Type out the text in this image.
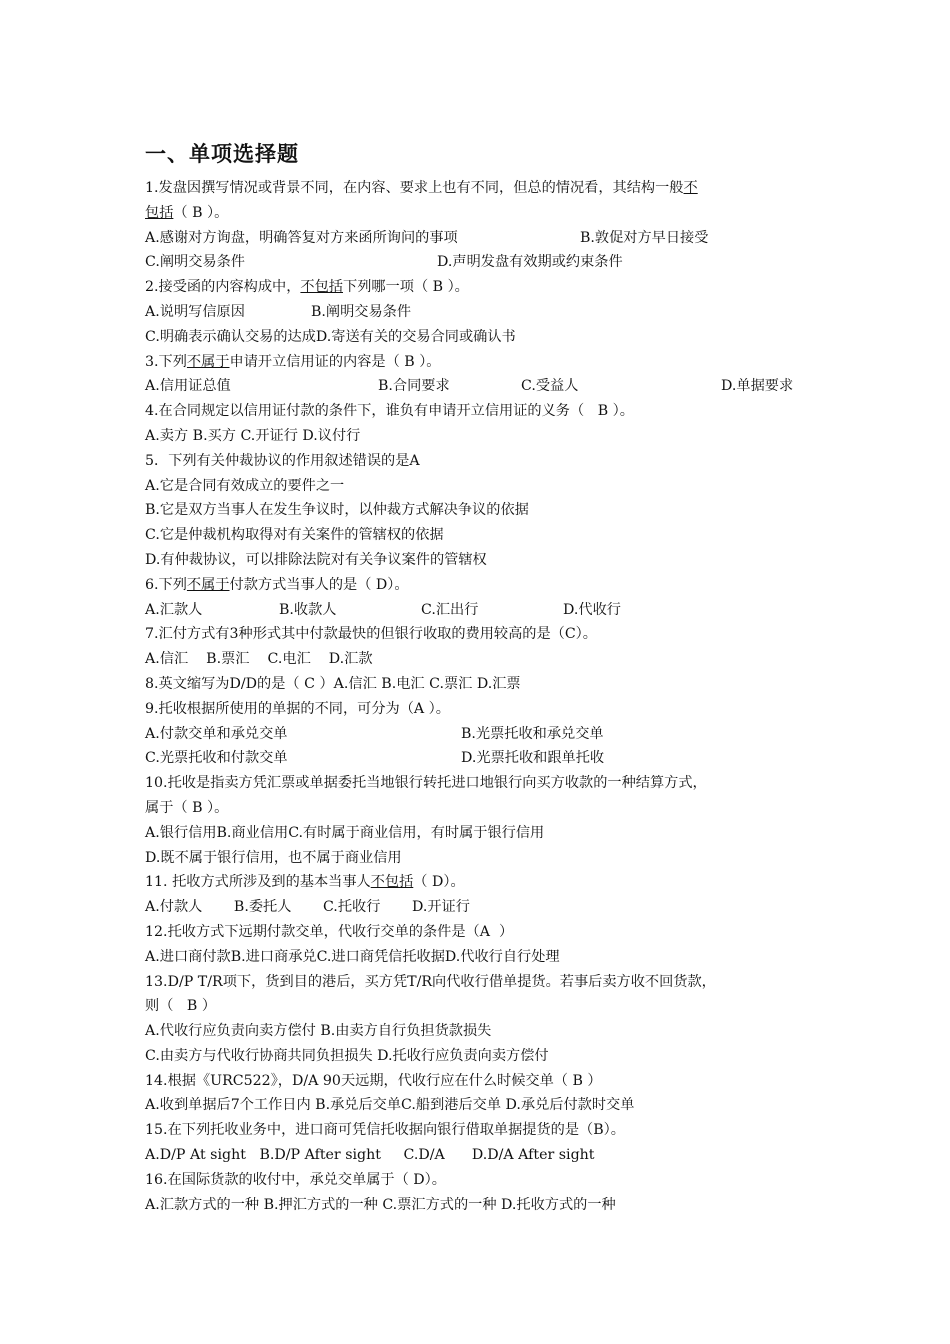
一、单项选择题
1.发盘因撰写情况或背景不同，在内容、要求上也有不同，但总的情况看，其结构一般不
包括（ B ）。
A.感谢对方询盘，明确答复对方来函所询问的事项	B.敦促对方早日接受
C.阐明交易条件	D.声明发盘有效期或约束条件
2.接受函的内容构成中，不包括下列哪一项（ B ）。
A.说明写信原因	B.阐明交易条件
C.明确表示确认交易的达成D.寄送有关的交易合同或确认书
3.下列不属于申请开立信用证的内容是（ B ）。
A.信用证总值	B.合同要求	C.受益人	D.单据要求
4.在合同规定以信用证付款的条件下，谁负有申请开立信用证的义务（   B ）。
A.卖方 B.买方 C.开证行 D.议付行
5．下列有关仲裁协议的作用叙述错误的是A
A.它是合同有效成立的要件之一
B.它是双方当事人在发生争议时，以仲裁方式解决争议的依据
C.它是仲裁机构取得对有关案件的管辖权的依据
D.有仲裁协议，可以排除法院对有关争议案件的管辖权
6.下列不属于付款方式当事人的是（ D）。
A.汇款人	B.收款人	C.汇出行	D.代收行
7.汇付方式有3种形式其中付款最快的但银行收取的费用较高的是（C）。
A.信汇    B.票汇    C.电汇    D.汇款
8.英文缩写为D/D的是（ C ）A.信汇 B.电汇 C.票汇 D.汇票
9.托收根据所使用的单据的不同，可分为（A ）。
A.付款交单和承兑交单	B.光票托收和承兑交单
C.光票托收和付款交单	D.光票托收和跟单托收
10.托收是指卖方凭汇票或单据委托当地银行转托进口地银行向买方收款的一种结算方式，
属于（ B ）。
A.银行信用B.商业信用C.有时属于商业信用，有时属于银行信用
D.既不属于银行信用，也不属于商业信用
11. 托收方式所涉及到的基本当事人不包括（ D）。
A.付款人       B.委托人       C.托收行       D.开证行
12.托收方式下远期付款交单，代收行交单的条件是（A  ）
A.进口商付款B.进口商承兑C.进口商凭信托收据D.代收行自行处理
13.D/P T/R项下，货到目的港后，买方凭T/R向代收行借单提货。若事后卖方收不回货款，
则（   B ）
A.代收行应负责向卖方偿付 B.由卖方自行负担货款损失
C.由卖方与代收行协商共同负担损失 D.托收行应负责向卖方偿付
14.根据《URC522》，D/A 90天远期，代收行应在什么时候交单（ B ）
A.收到单据后7个工作日内 B.承兑后交单C.船到港后交单 D.承兑后付款时交单
15.在下列托收业务中，进口商可凭信托收据向银行借取单据提货的是（B）。
A.D/P At sight   B.D/P After sight     C.D/A      D.D/A After sight
16.在国际货款的收付中，承兑交单属于（ D）。
A.汇款方式的一种 B.押汇方式的一种 C.票汇方式的一种 D.托收方式的一种
